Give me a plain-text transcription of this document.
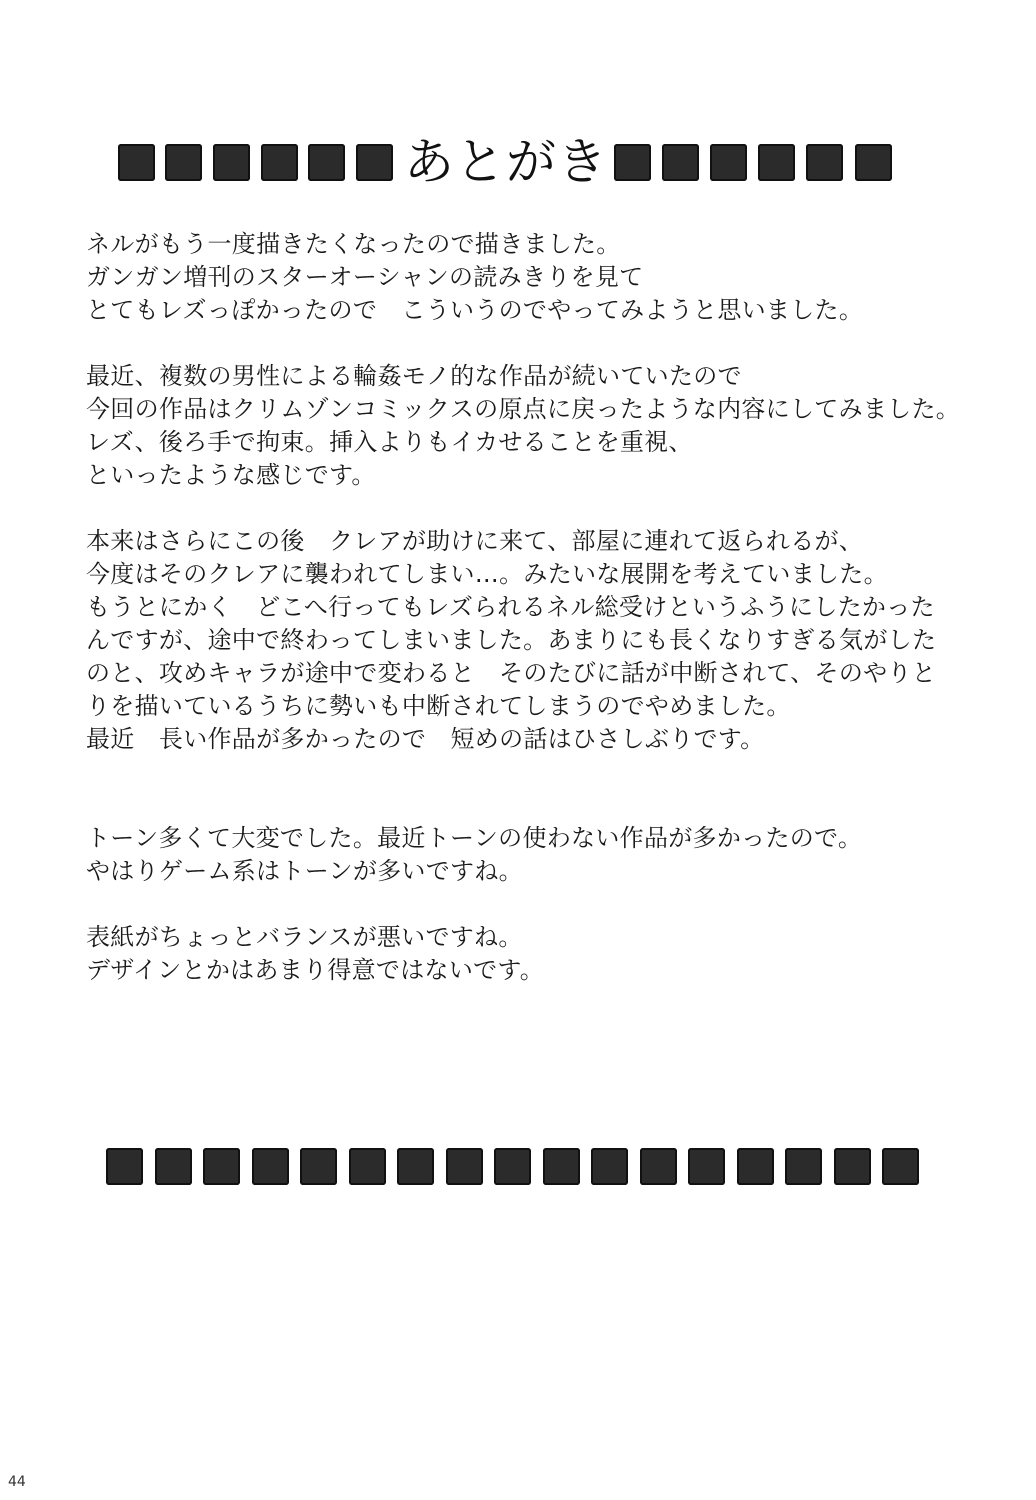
あとがき
ネルがもう一度描きたくなったので描きました。
ガンガン増刊のスターオーシャンの読みきりを見て
とてもレズっぽかったので　こういうのでやってみようと思いました。
最近、複数の男性による輪姦モノ的な作品が続いていたので
今回の作品はクリムゾンコミックスの原点に戻ったような内容にしてみました。
レズ、後ろ手で拘束。挿入よりもイカせることを重視、
といったような感じです。
本来はさらにこの後　クレアが助けに来て、部屋に連れて返られるが、
今度はそのクレアに襲われてしまい…。みたいな展開を考えていました。
もうとにかく　どこへ行ってもレズられるネル総受けというふうにしたかった
んですが、途中で終わってしまいました。あまりにも長くなりすぎる気がした
のと、攻めキャラが途中で変わると　そのたびに話が中断されて、そのやりと
りを描いているうちに勢いも中断されてしまうのでやめました。
最近　長い作品が多かったので　短めの話はひさしぶりです。
トーン多くて大変でした。最近トーンの使わない作品が多かったので。
やはりゲーム系はトーンが多いですね。
表紙がちょっとバランスが悪いですね。
デザインとかはあまり得意ではないです。
44
